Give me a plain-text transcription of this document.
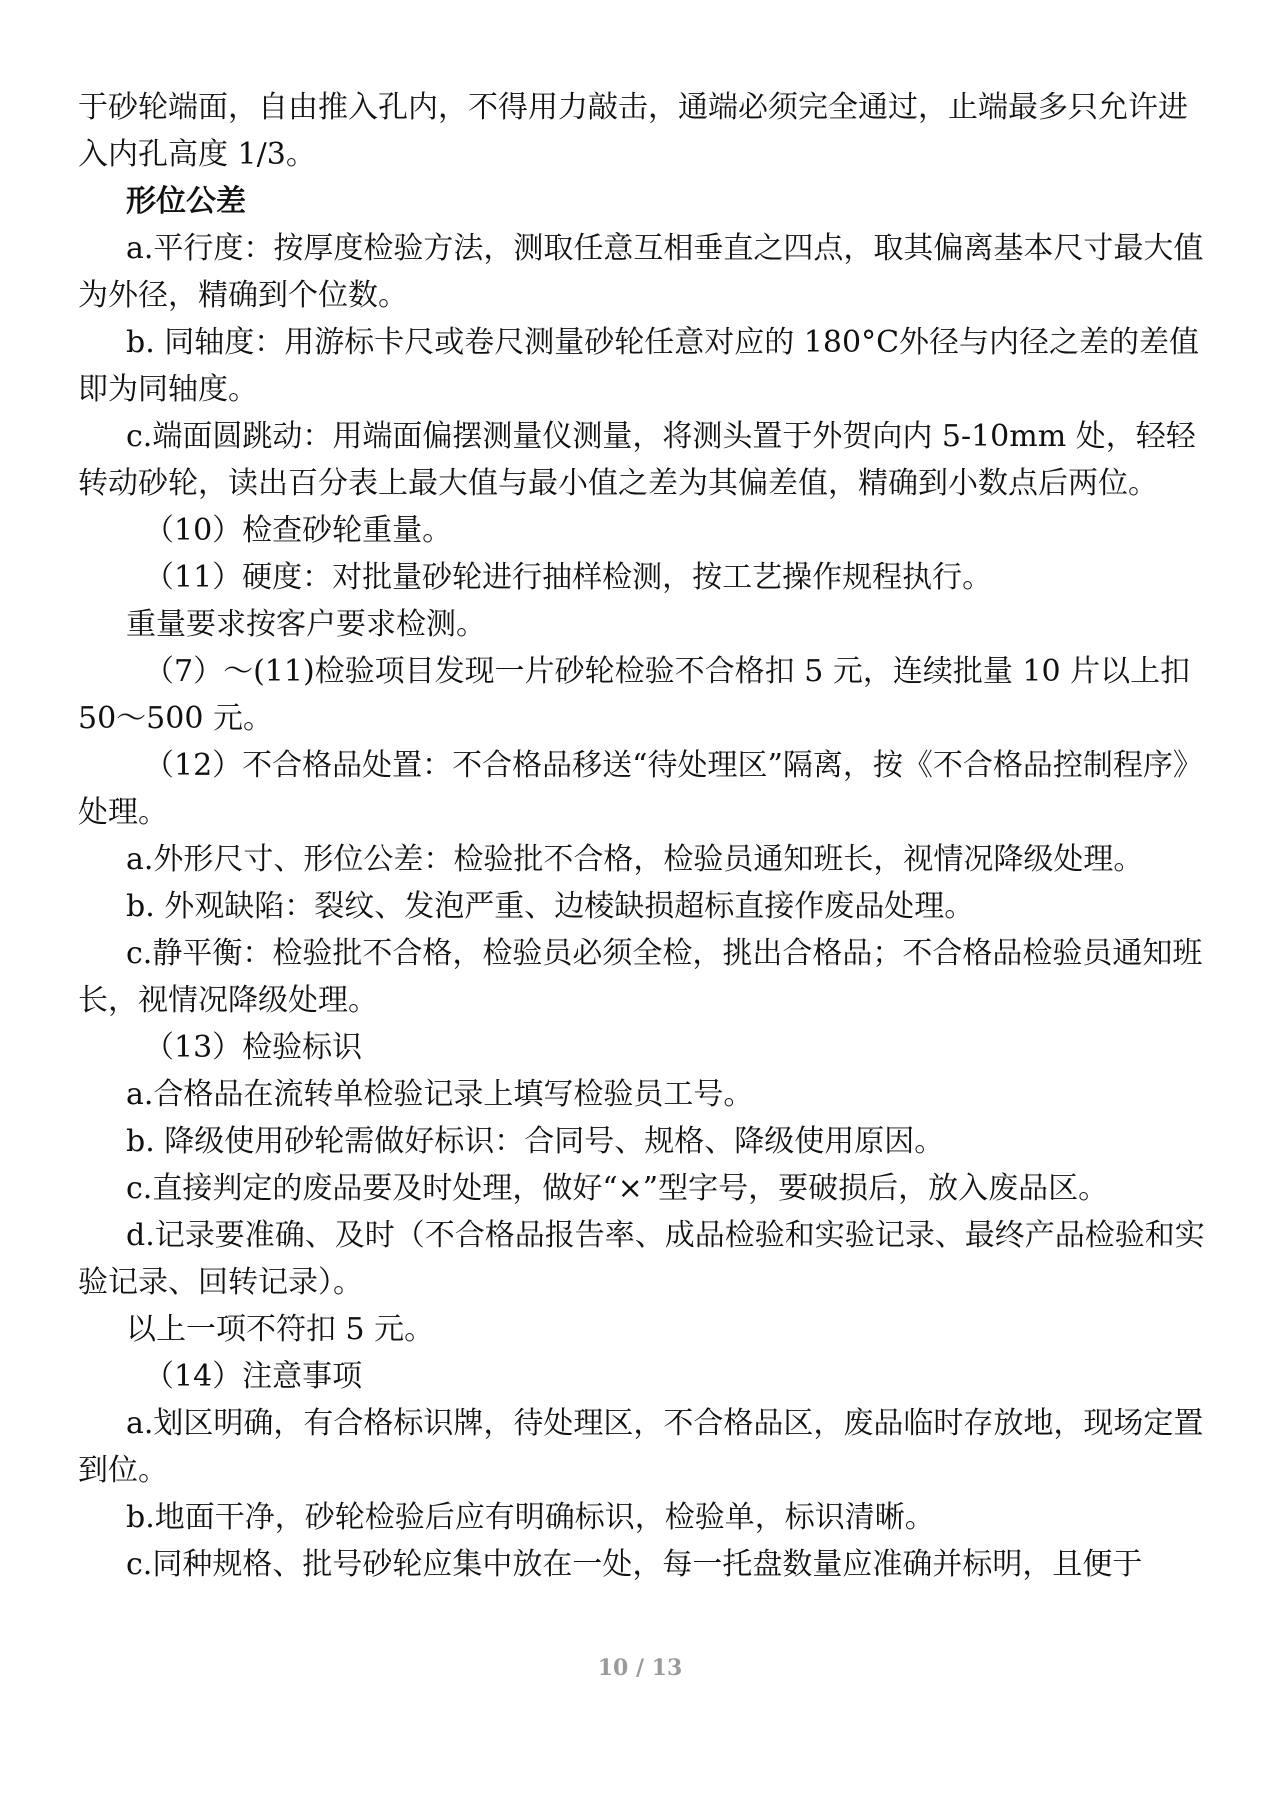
于砂轮端面，自由推入孔内，不得用力敲击，通端必须完全通过，止端最多只允许进入内孔高度 1/3。

形位公差

a.平行度：按厚度检验方法，测取任意互相垂直之四点，取其偏离基本尺寸最大值为外径，精确到个位数。

b. 同轴度：用游标卡尺或卷尺测量砂轮任意对应的 180°C外径与内径之差的差值即为同轴度。

c.端面圆跳动：用端面偏摆测量仪测量，将测头置于外贺向内 5-10mm 处，轻轻转动砂轮，读出百分表上最大值与最小值之差为其偏差值，精确到小数点后两位。

（10）检查砂轮重量。

（11）硬度：对批量砂轮进行抽样检测，按工艺操作规程执行。

重量要求按客户要求检测。

（7）～(11)检验项目发现一片砂轮检验不合格扣 5 元，连续批量 10 片以上扣 50～500 元。

（12）不合格品处置：不合格品移送“待处理区”隔离，按《不合格品控制程序》处理。

a.外形尺寸、形位公差：检验批不合格，检验员通知班长，视情况降级处理。

b. 外观缺陷：裂纹、发泡严重、边棱缺损超标直接作废品处理。

c.静平衡：检验批不合格，检验员必须全检，挑出合格品；不合格品检验员通知班长，视情况降级处理。

（13）检验标识

a.合格品在流转单检验记录上填写检验员工号。

b. 降级使用砂轮需做好标识：合同号、规格、降级使用原因。

c.直接判定的废品要及时处理，做好“×”型字号，要破损后，放入废品区。

d.记录要准确、及时（不合格品报告率、成品检验和实验记录、最终产品检验和实验记录、回转记录）。

以上一项不符扣 5 元。

（14）注意事项

a.划区明确，有合格标识牌，待处理区，不合格品区，废品临时存放地，现场定置到位。

b.地面干净，砂轮检验后应有明确标识，检验单，标识清晰。

c.同种规格、批号砂轮应集中放在一处，每一托盘数量应准确并标明，且便于

10 / 13
